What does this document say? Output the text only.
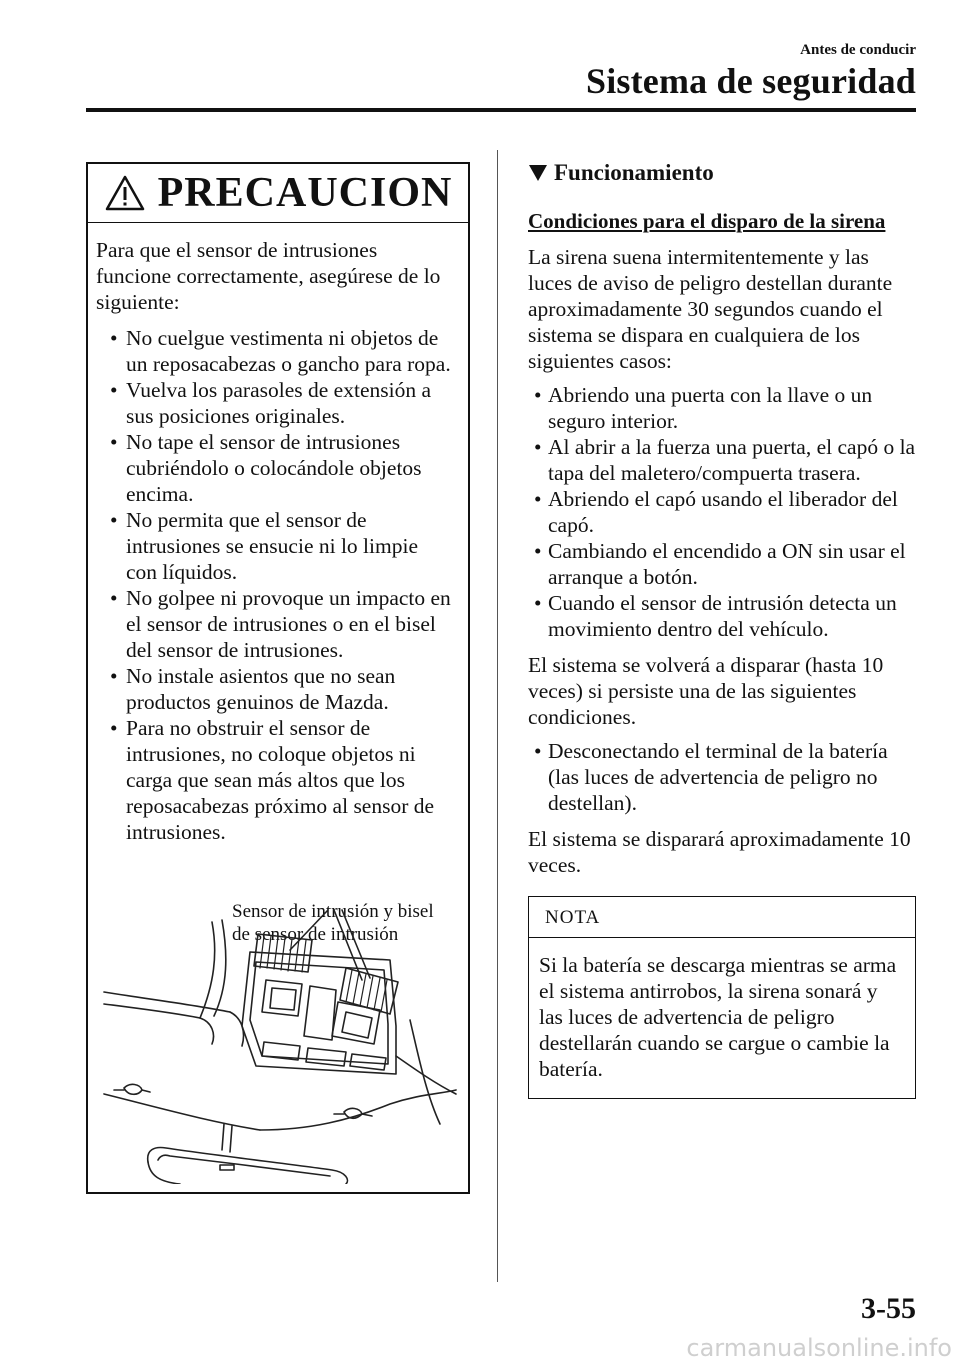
Antes de conducir
Sistema de seguridad
PRECAUCION

Para que el sensor de intrusiones funcione correctamente, asegúrese de lo siguiente:

• No cuelgue vestimenta ni objetos de un reposacabezas o gancho para ropa.
• Vuelva los parasoles de extensión a sus posiciones originales.
• No tape el sensor de intrusiones cubriéndolo o colocándole objetos encima.
• No permita que el sensor de intrusiones se ensucie ni lo limpie con líquidos.
• No golpee ni provoque un impacto en el sensor de intrusiones o en el bisel del sensor de intrusiones.
• No instale asientos que no sean productos genuinos de Mazda.
• Para no obstruir el sensor de intrusiones, no coloque objetos ni carga que sean más altos que los reposacabezas próximo al sensor de intrusiones.
Sensor de intrusión y bisel
de sensor de intrusión
Funcionamiento
Condiciones para el disparo de la sirena

La sirena suena intermitentemente y las luces de aviso de peligro destellan durante aproximadamente 30 segundos cuando el sistema se dispara en cualquiera de los siguientes casos:

• Abriendo una puerta con la llave o un seguro interior.
• Al abrir a la fuerza una puerta, el capó o la tapa del maletero/compuerta trasera.
• Abriendo el capó usando el liberador del capó.
• Cambiando el encendido a ON sin usar el arranque a botón.
• Cuando el sensor de intrusión detecta un movimiento dentro del vehículo.

El sistema se volverá a disparar (hasta 10 veces) si persiste una de las siguientes condiciones.

• Desconectando el terminal de la batería (las luces de advertencia de peligro no destellan).

El sistema se disparará aproximadamente 10 veces.

NOTA
Si la batería se descarga mientras se arma el sistema antirrobos, la sirena sonará y las luces de advertencia de peligro destellarán cuando se cargue o cambie la batería.
3-55
carmanualsonline.info
